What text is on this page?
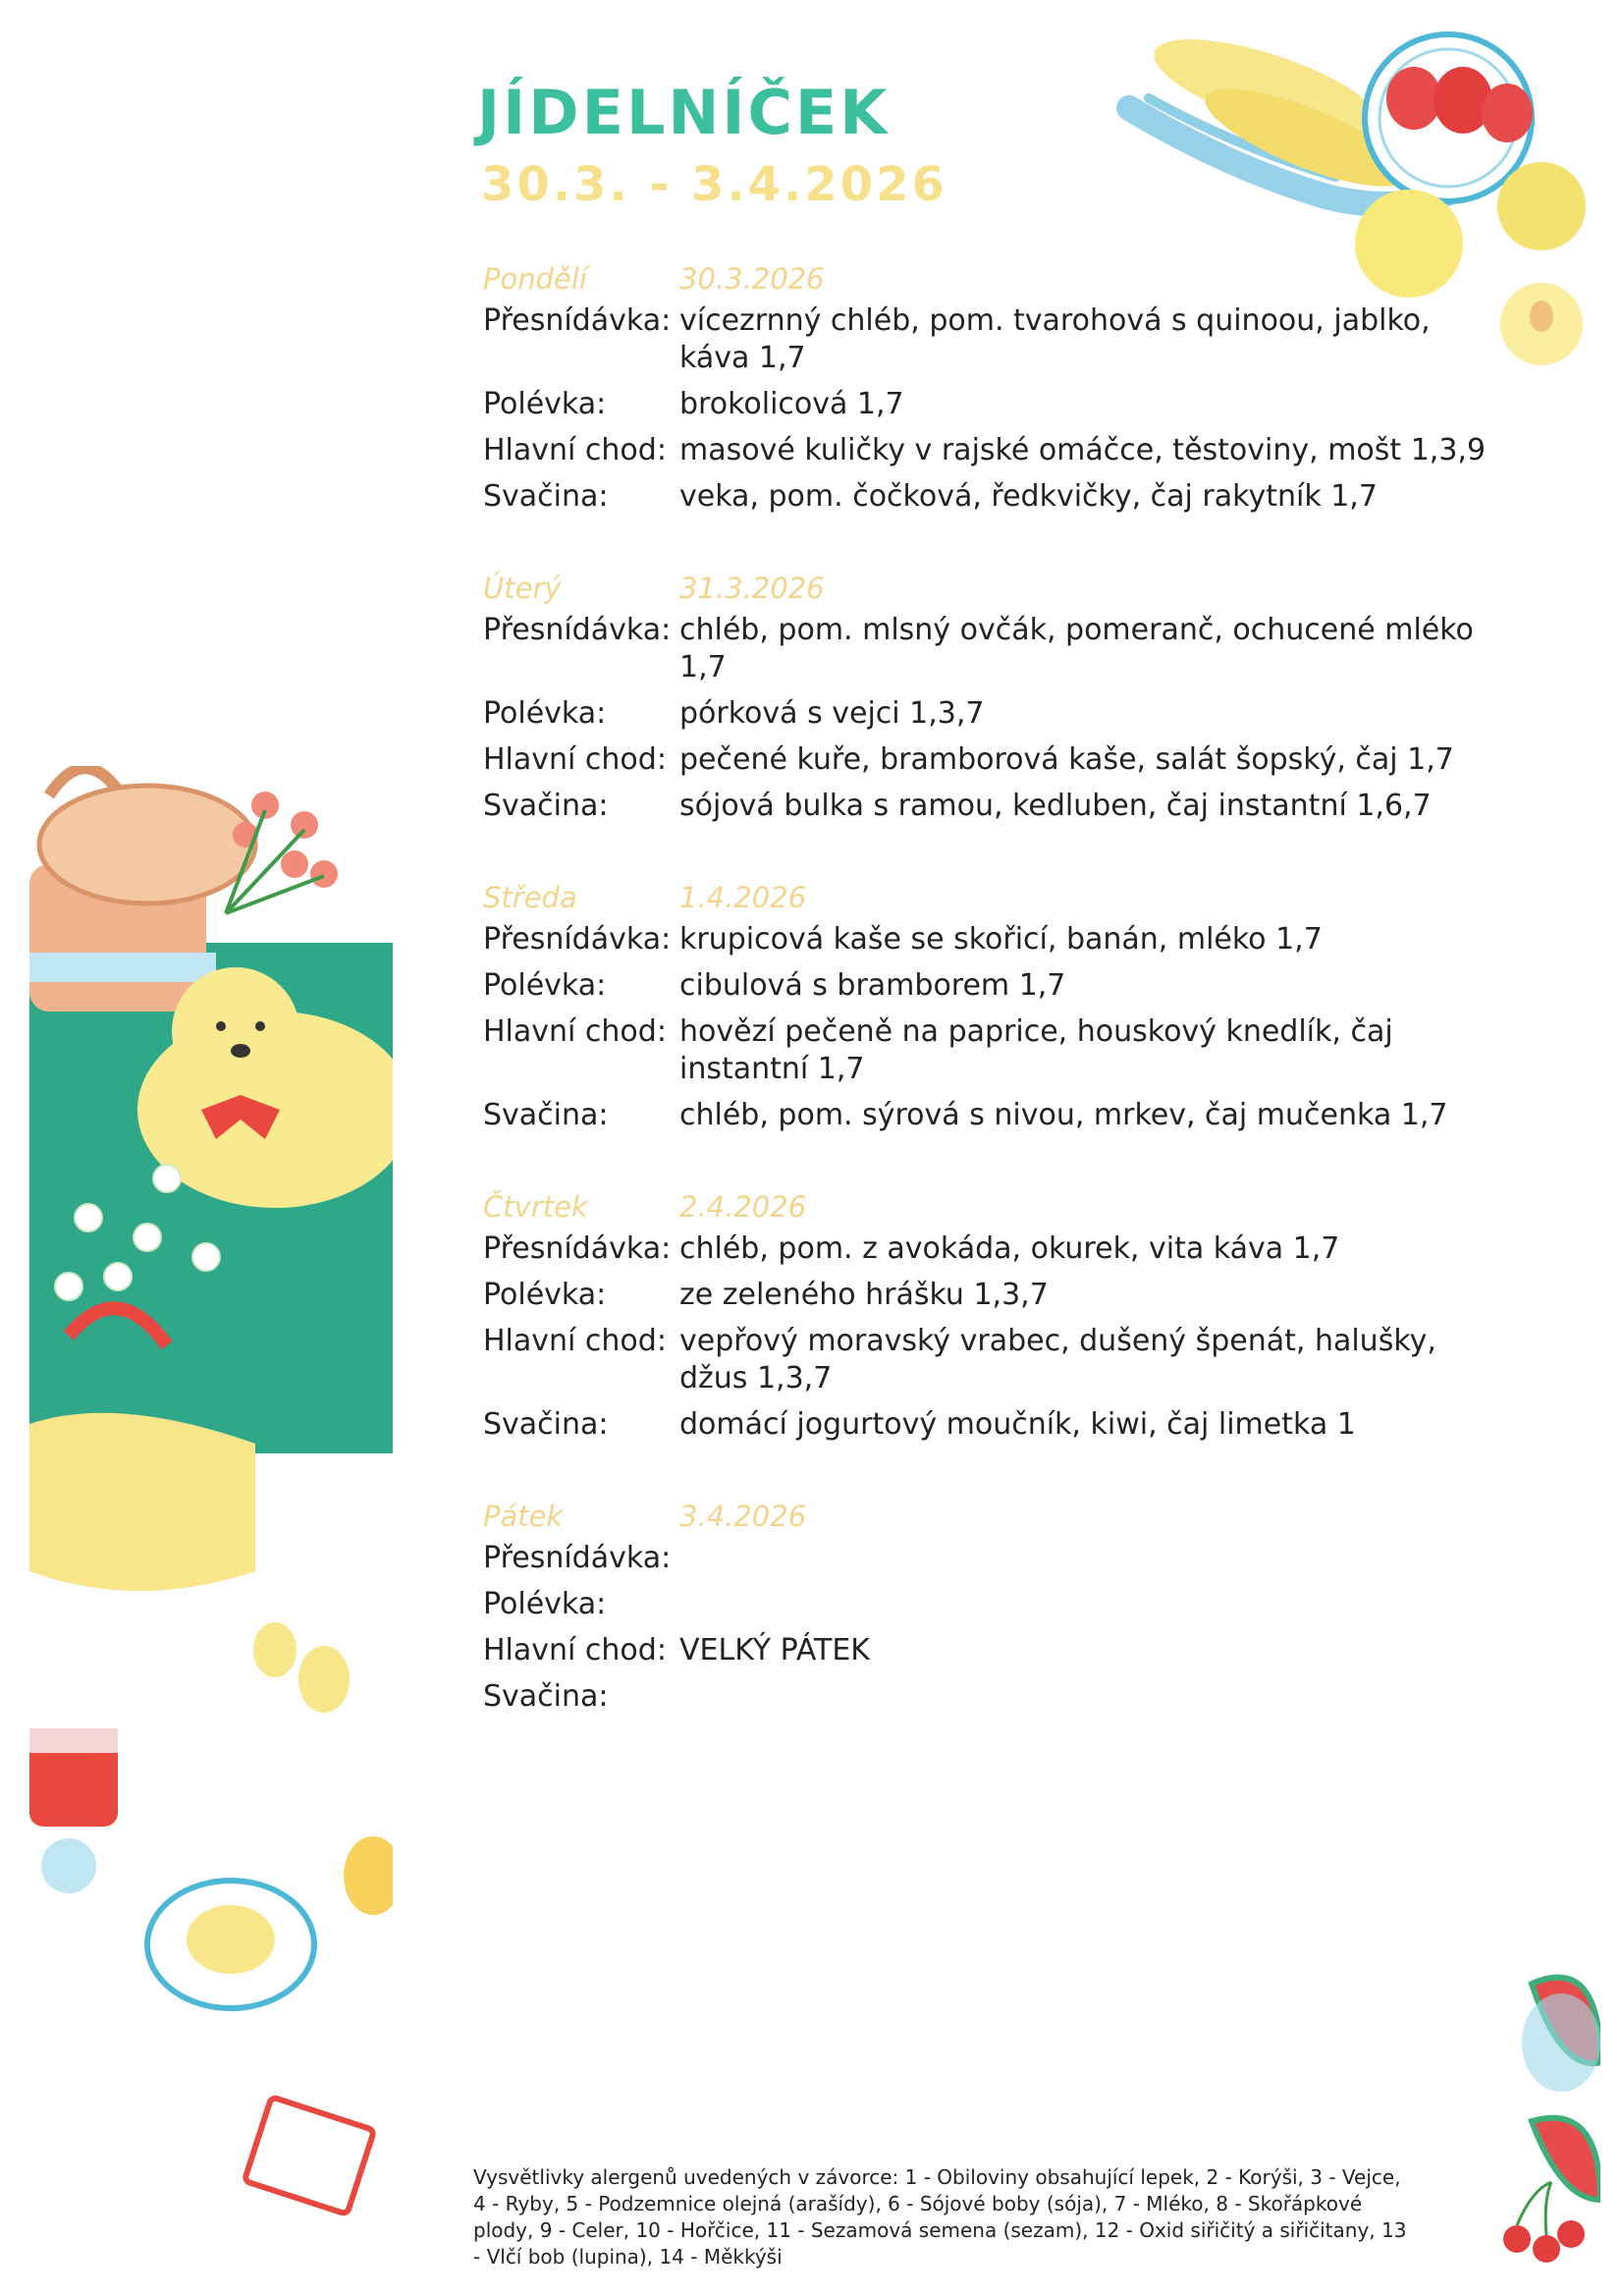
JÍDELNÍČEK
30.3. - 3.4.2026
Pondělí	30.3.2026
Přesnídávka: vícezrnný chléb, pom. tvarohová s quinoou, jablko, káva 1,7
Polévka:	brokolicová 1,7
Hlavní chod: masové kuličky v rajské omáčce, těstoviny, mošt 1,3,9
Svačina:	veka, pom. čočková, ředkvičky, čaj rakytník 1,7
Úterý	31.3.2026
Přesnídávka: chléb, pom. mlsný ovčák, pomeranč, ochucené mléko 1,7
Polévka:	pórková s vejci 1,3,7
Hlavní chod: pečené kuře, bramborová kaše, salát šopský, čaj 1,7
Svačina:	sójová bulka s ramou, kedluben, čaj instantní 1,6,7
Středa	1.4.2026
Přesnídávka: krupicová kaše se skořicí, banán, mléko 1,7
Polévka:	cibulová s bramborem 1,7
Hlavní chod: hovězí pečeně na paprice, houskový knedlík, čaj instantní 1,7
Svačina:	chléb, pom. sýrová s nivou, mrkev, čaj mučenka 1,7
Čtvrtek	2.4.2026
Přesnídávka: chléb, pom. z avokáda, okurek, vita káva 1,7
Polévka:	ze zeleného hrášku 1,3,7
Hlavní chod: vepřový moravský vrabec, dušený špenát, halušky, džus 1,3,7
Svačina:	domácí jogurtový moučník, kiwi, čaj limetka 1
Pátek	3.4.2026
Přesnídávka:
Polévka:
Hlavní chod: VELKÝ PÁTEK
Svačina:
Vysvětlivky alergenů uvedených v závorce: 1 - Obiloviny obsahující lepek, 2 - Korýši, 3 - Vejce, 4 - Ryby, 5 - Podzemnice olejná (arašídy), 6 - Sójové boby (sója), 7 - Mléko, 8 - Skořápkové plody, 9 - Celer, 10 - Hořčice, 11 - Sezamová semena (sezam), 12 - Oxid siřičitý a siřičitany, 13 - Vlčí bob (lupina), 14 - Měkkýši
